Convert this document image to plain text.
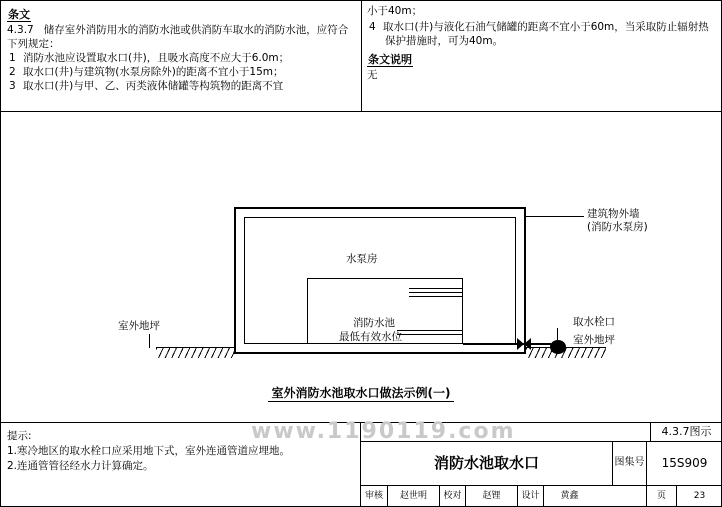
条文
4.3.7 储存室外消防用水的消防水池或供消防车取水的消防水池，应符合下列规定：
1 消防水池应设置取水口(井)，且吸水高度不应大于6.0m；
2 取水口(井)与建筑物(水泵房除外)的距离不宜小于15m；
3 取水口(井)与甲、乙、丙类液体储罐等构筑物的距离不宜
小于40m；
4 取水口(井)与液化石油气储罐的距离不宜小于60m，当采取防止辐射热保护措施时，可为40m。
条文说明
无
水泵房
消防水池
最低有效水位
建筑物外墙
(消防水泵房)
室外地坪	取水栓口
室外地坪
室外消防水池取水口做法示例(一)
www.1190119.com
提示:
1.寒冷地区的取水栓口应采用地下式，室外连通管道应埋地。
2.连通管管径经水力计算确定。
4.3.7图示
消防水池取水口	图集号	15S909
审核	赵世明	校对	赵锂	设计	黄鑫	页	23
